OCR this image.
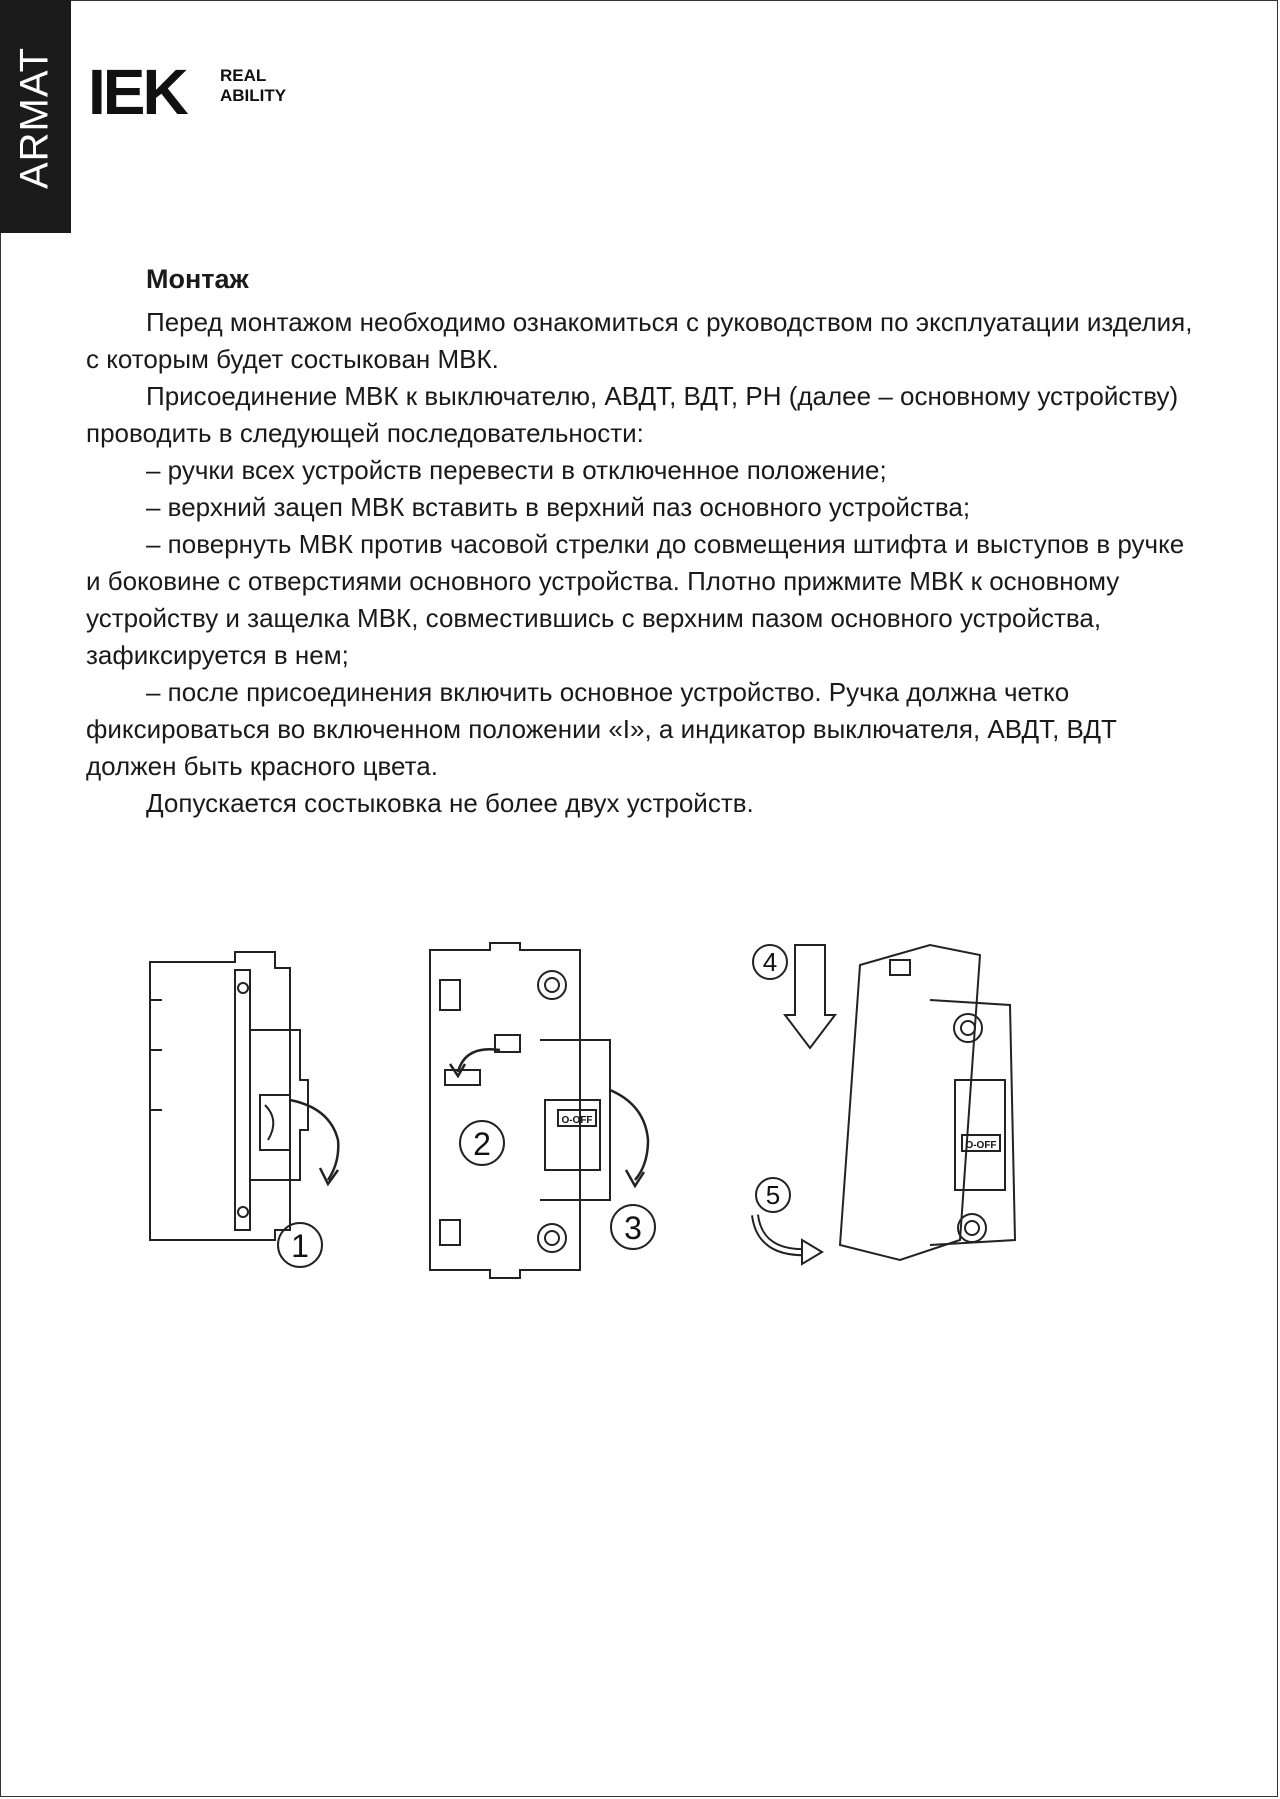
ARMAT IEK REAL
ABILITY
Монтаж

Перед монтажом необходимо ознакомиться с руководством по эксплуатации изделия, с которым будет состыкован МВК.

Присоединение МВК к выключателю, АВДТ, ВДТ, РН (далее – основному устройству) проводить в следующей последовательности:

– ручки всех устройств перевести в отключенное положение;

– верхний зацеп МВК вставить в верхний паз основного устройства;

– повернуть МВК против часовой стрелки до совмещения штифта и выступов в ручке и боковине с отверстиями основного устройства. Плотно прижмите МВК к основному устройству и защелка МВК, совместившись с верхним пазом основного устройства, зафиксируется в нем;

– после присоединения включить основное устройство. Ручка должна четко фиксироваться во включенном положении «I», а индикатор выключателя, АВДТ, ВДТ должен быть красного цвета.

Допускается состыковка не более двух устройств.

1
O-OFF
2
3
4
O-OFF
5
